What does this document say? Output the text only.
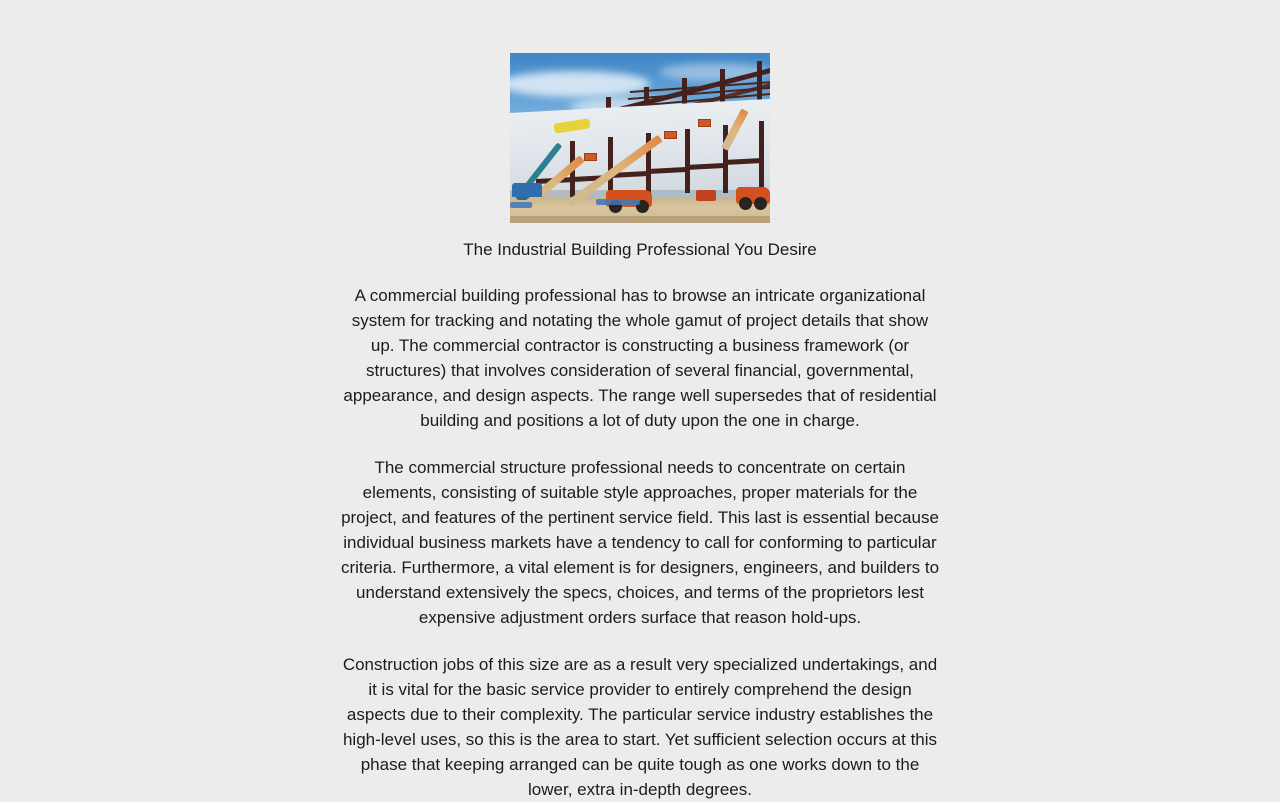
The Industrial Building Professional You Desire

A commercial building professional has to browse an intricate organizational system for tracking and notating the whole gamut of project details that show up. The commercial contractor is constructing a business framework (or structures) that involves consideration of several financial, governmental, appearance, and design aspects. The range well supersedes that of residential building and positions a lot of duty upon the one in charge.

The commercial structure professional needs to concentrate on certain elements, consisting of suitable style approaches, proper materials for the project, and features of the pertinent service field. This last is essential because individual business markets have a tendency to call for conforming to particular criteria. Furthermore, a vital element is for designers, engineers, and builders to understand extensively the specs, choices, and terms of the proprietors lest expensive adjustment orders surface that reason hold-ups.

Construction jobs of this size are as a result very specialized undertakings, and it is vital for the basic service provider to entirely comprehend the design aspects due to their complexity. The particular service industry establishes the high-level uses, so this is the area to start. Yet sufficient selection occurs at this phase that keeping arranged can be quite tough as one works down to the lower, extra in-depth degrees.
